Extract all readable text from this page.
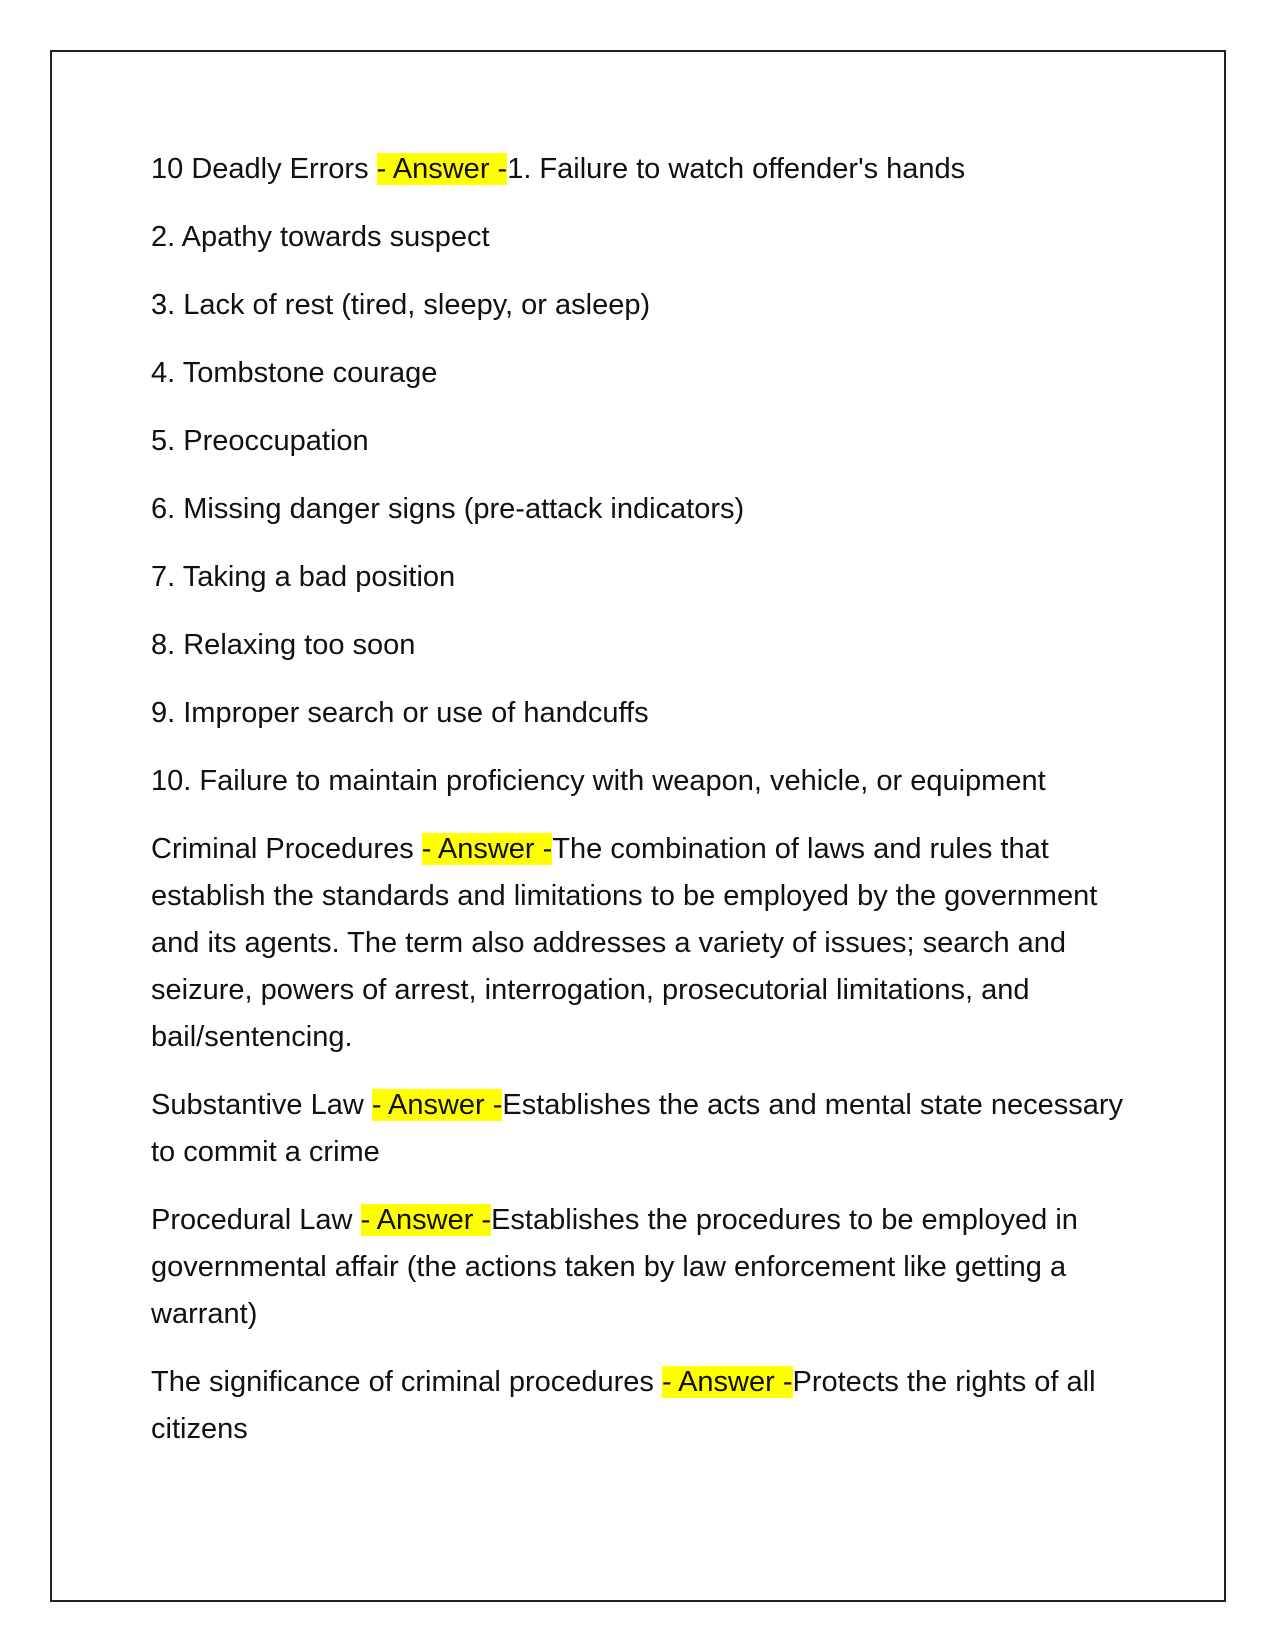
10 Deadly Errors - Answer -1. Failure to watch offender's hands

2. Apathy towards suspect

3. Lack of rest (tired, sleepy, or asleep)

4. Tombstone courage

5. Preoccupation

6. Missing danger signs (pre-attack indicators)

7. Taking a bad position

8. Relaxing too soon

9. Improper search or use of handcuffs

10. Failure to maintain proficiency with weapon, vehicle, or equipment

Criminal Procedures - Answer -The combination of laws and rules that establish the standards and limitations to be employed by the government and its agents. The term also addresses a variety of issues; search and seizure, powers of arrest, interrogation, prosecutorial limitations, and bail/sentencing.

Substantive Law - Answer -Establishes the acts and mental state necessary to commit a crime

Procedural Law - Answer -Establishes the procedures to be employed in governmental affair (the actions taken by law enforcement like getting a warrant)

The significance of criminal procedures - Answer -Protects the rights of all citizens
